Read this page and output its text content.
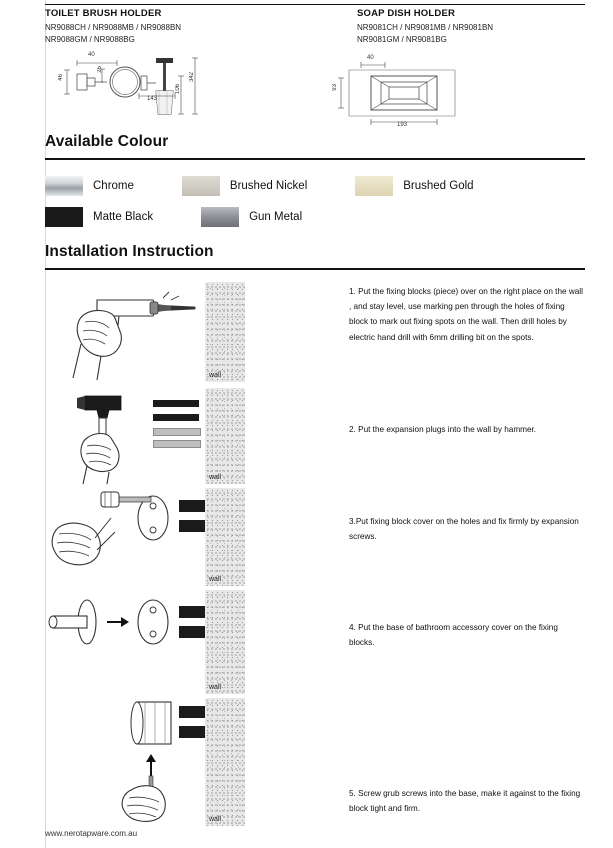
TOILET BRUSH HOLDER
NR9088CH / NR9088MB / NR9088BN
NR9088GM / NR9088BG
SOAP DISH HOLDER
NR9081CH / NR9081MB / NR9081BN
NR9081GM / NR9081BG
40
25
46
143
106
342
40
93
193
Available Colour
Chrome	Brushed Nickel	Brushed Gold
Matte Black	Gun Metal
Installation Instruction
wall
1. Put the fixing blocks (piece) over on the right place on the wall , and stay level, use marking pen through the holes of fixing block to mark out fixing spots on the wall. Then drill holes by electric hand drill with 6mm drilling bit on the spots.
wall
2. Put the expansion plugs into the wall by hammer.
wall
3.Put fixing block cover on the holes and fix firmly by expansion screws.
wall
4. Put the base of bathroom accessory cover on the fixing blocks.
wall
5. Screw grub screws into the base, make it against to the fixing block tight and firm.
www.nerotapware.com.au
